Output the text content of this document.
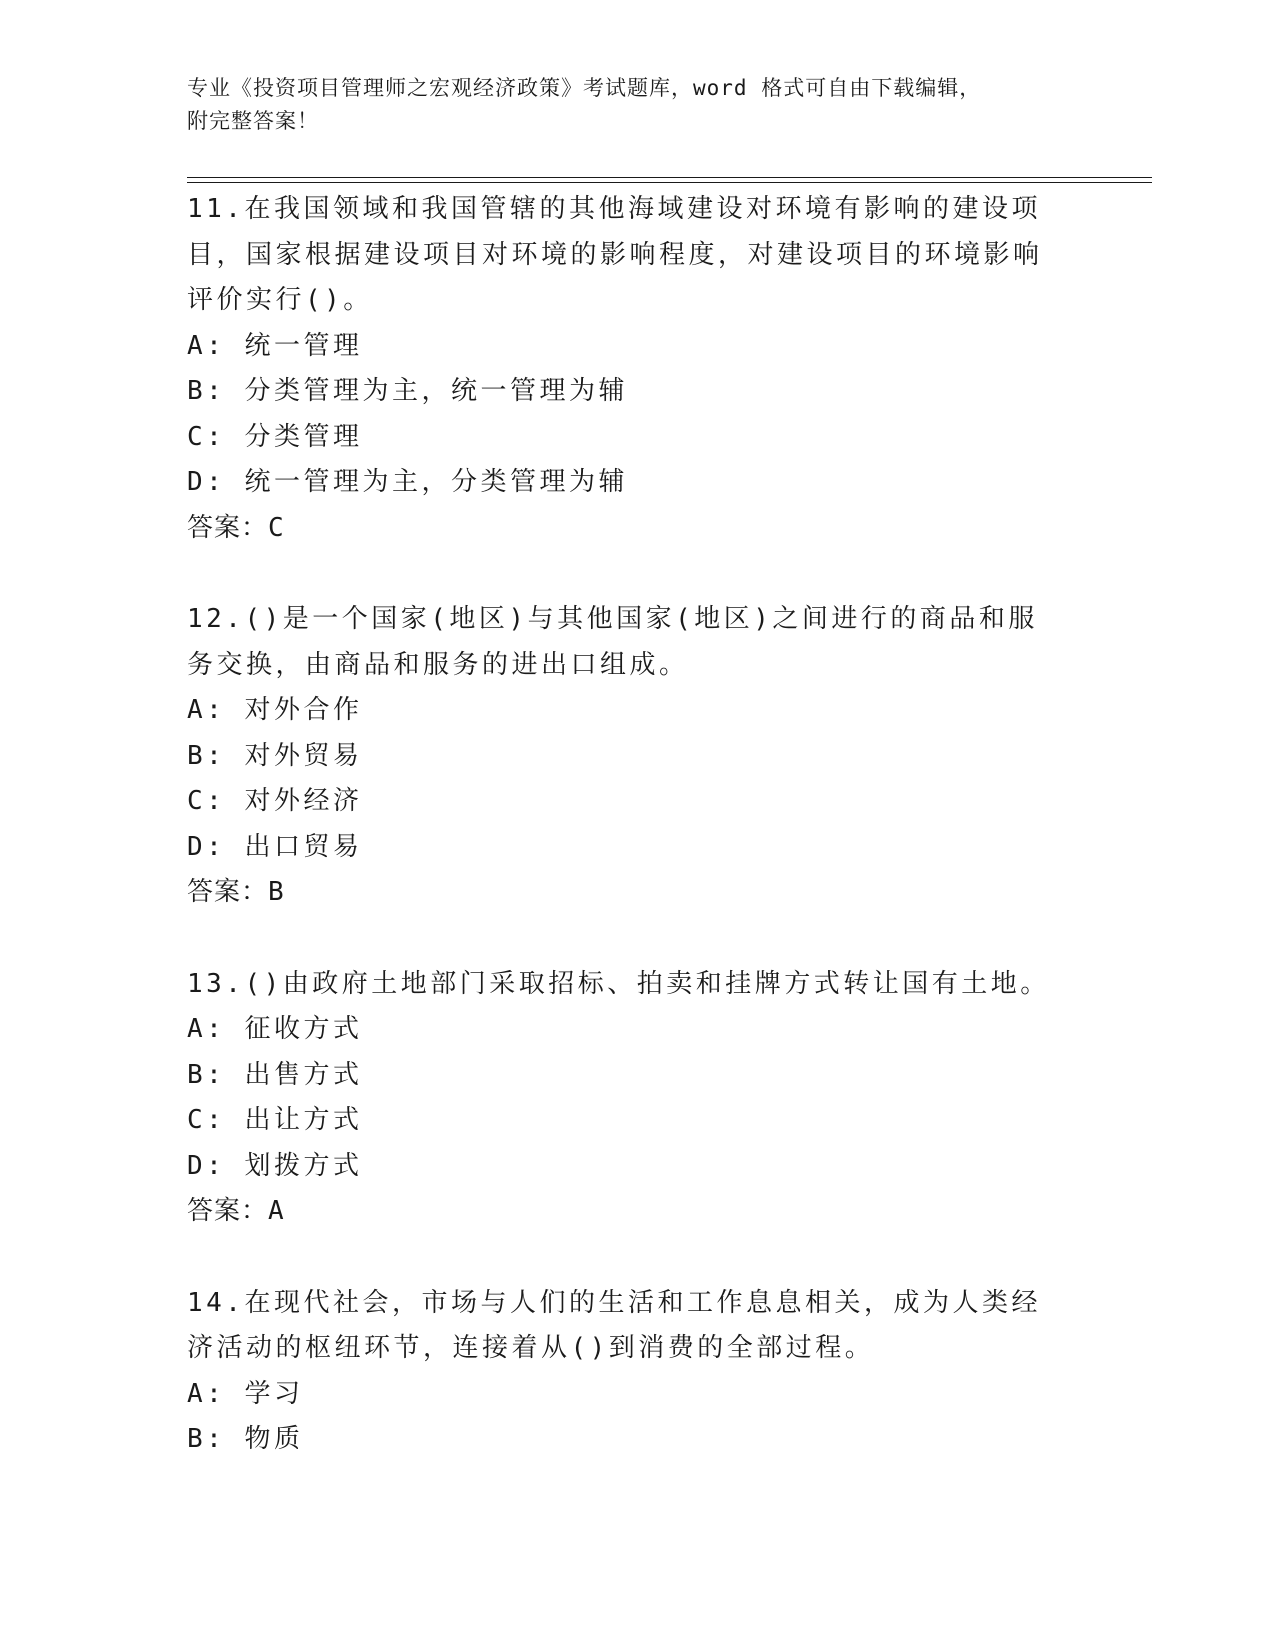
专业《投资项目管理师之宏观经济政策》考试题库，word 格式可自由下载编辑，
附完整答案！

11.在我国领域和我国管辖的其他海域建设对环境有影响的建设项目，国家根据建设项目对环境的影响程度，对建设项目的环境影响评价实行()。

A: 统一管理

B: 分类管理为主，统一管理为辅

C: 分类管理

D: 统一管理为主，分类管理为辅

答案：C

12.()是一个国家(地区)与其他国家(地区)之间进行的商品和服务交换，由商品和服务的进出口组成。

A: 对外合作

B: 对外贸易

C: 对外经济

D: 出口贸易

答案：B

13.()由政府土地部门采取招标、拍卖和挂牌方式转让国有土地。

A: 征收方式

B: 出售方式

C: 出让方式

D: 划拨方式

答案：A

14.在现代社会，市场与人们的生活和工作息息相关，成为人类经济活动的枢纽环节，连接着从()到消费的全部过程。

A: 学习

B: 物质
